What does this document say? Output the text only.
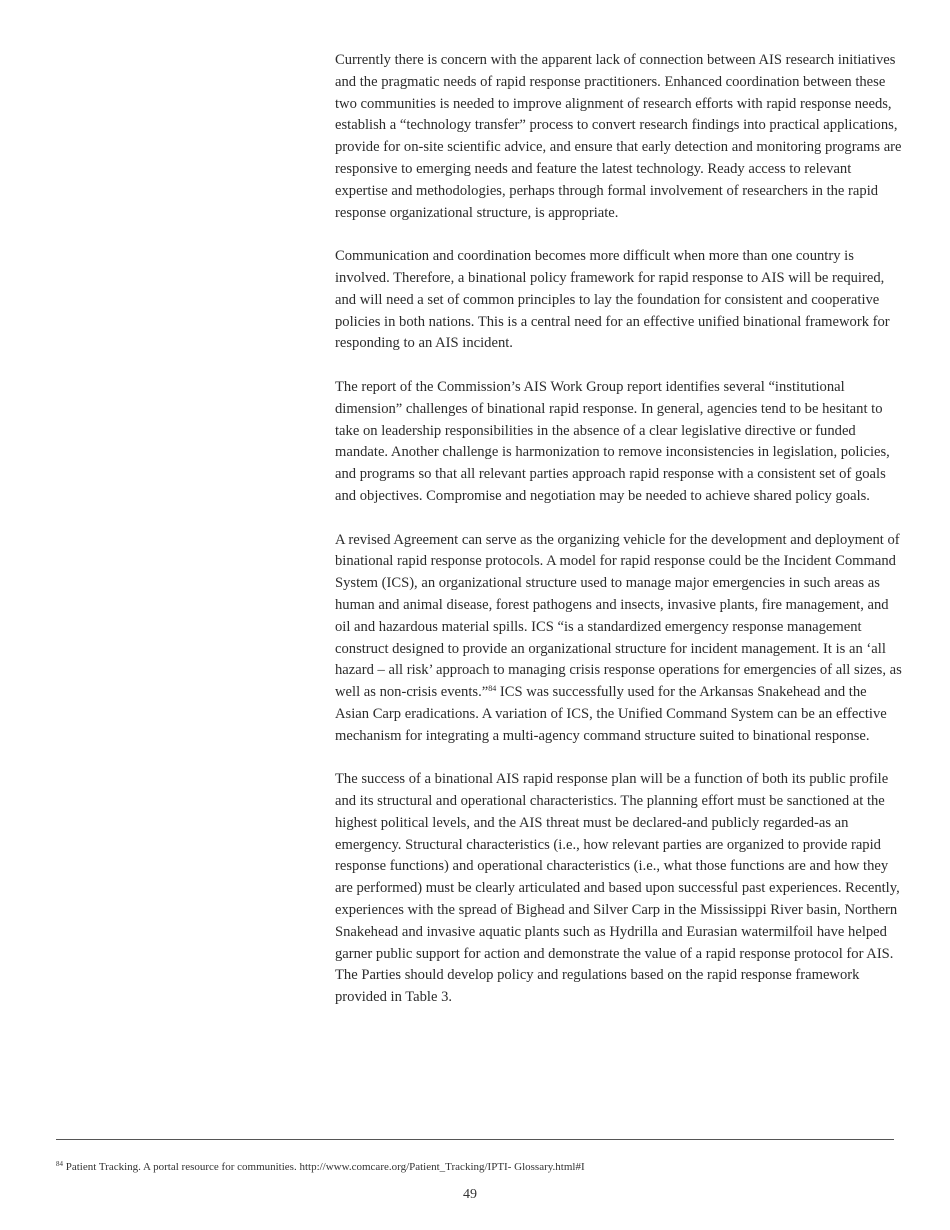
Currently there is concern with the apparent lack of connection between AIS research initiatives and the pragmatic needs of rapid response practitioners. Enhanced coordination between these two communities is needed to improve alignment of research efforts with rapid response needs, establish a “technology transfer” process to convert research findings into practical applications, provide for on-site scientific advice, and ensure that early detection and monitoring programs are responsive to emerging needs and feature the latest technology. Ready access to relevant expertise and methodologies, perhaps through formal involvement of researchers in the rapid response organizational structure, is appropriate.

Communication and coordination becomes more difficult when more than one country is involved. Therefore, a binational policy framework for rapid response to AIS will be required, and will need a set of common principles to lay the foundation for consistent and cooperative policies in both nations. This is a central need for an effective unified binational framework for responding to an AIS incident.

The report of the Commission’s AIS Work Group report identifies several “institutional dimension” challenges of binational rapid response. In general, agencies tend to be hesitant to take on leadership responsibilities in the absence of a clear legislative directive or funded mandate. Another challenge is harmonization to remove inconsistencies in legislation, policies, and programs so that all relevant parties approach rapid response with a consistent set of goals and objectives. Compromise and negotiation may be needed to achieve shared policy goals.

A revised Agreement can serve as the organizing vehicle for the development and deployment of binational rapid response protocols. A model for rapid response could be the Incident Command System (ICS), an organizational structure used to manage major emergencies in such areas as human and animal disease, forest pathogens and insects, invasive plants, fire management, and oil and hazardous material spills. ICS “is a standardized emergency response management construct designed to provide an organizational structure for incident management. It is an ‘all hazard – all risk’ approach to managing crisis response operations for emergencies of all sizes, as well as non-crisis events.”$^{84}$ ICS was successfully used for the Arkansas Snakehead and the Asian Carp eradications. A variation of ICS, the Unified Command System can be an effective mechanism for integrating a multi-agency command structure suited to binational response.

The success of a binational AIS rapid response plan will be a function of both its public profile and its structural and operational characteristics. The planning effort must be sanctioned at the highest political levels, and the AIS threat must be declared-and publicly regarded-as an emergency. Structural characteristics (i.e., how relevant parties are organized to provide rapid response functions) and operational characteristics (i.e., what those functions are and how they are performed) must be clearly articulated and based upon successful past experiences. Recently, experiences with the spread of Bighead and Silver Carp in the Mississippi River basin, Northern Snakehead and invasive aquatic plants such as Hydrilla and Eurasian watermilfoil have helped garner public support for action and demonstrate the value of a rapid response protocol for AIS. The Parties should develop policy and regulations based on the rapid response framework provided in Table 3.

$^{84}$ Patient Tracking. A portal resource for communities. http://www.comcare.org/Patient_Tracking/IPTI- Glossary.html#I
49
